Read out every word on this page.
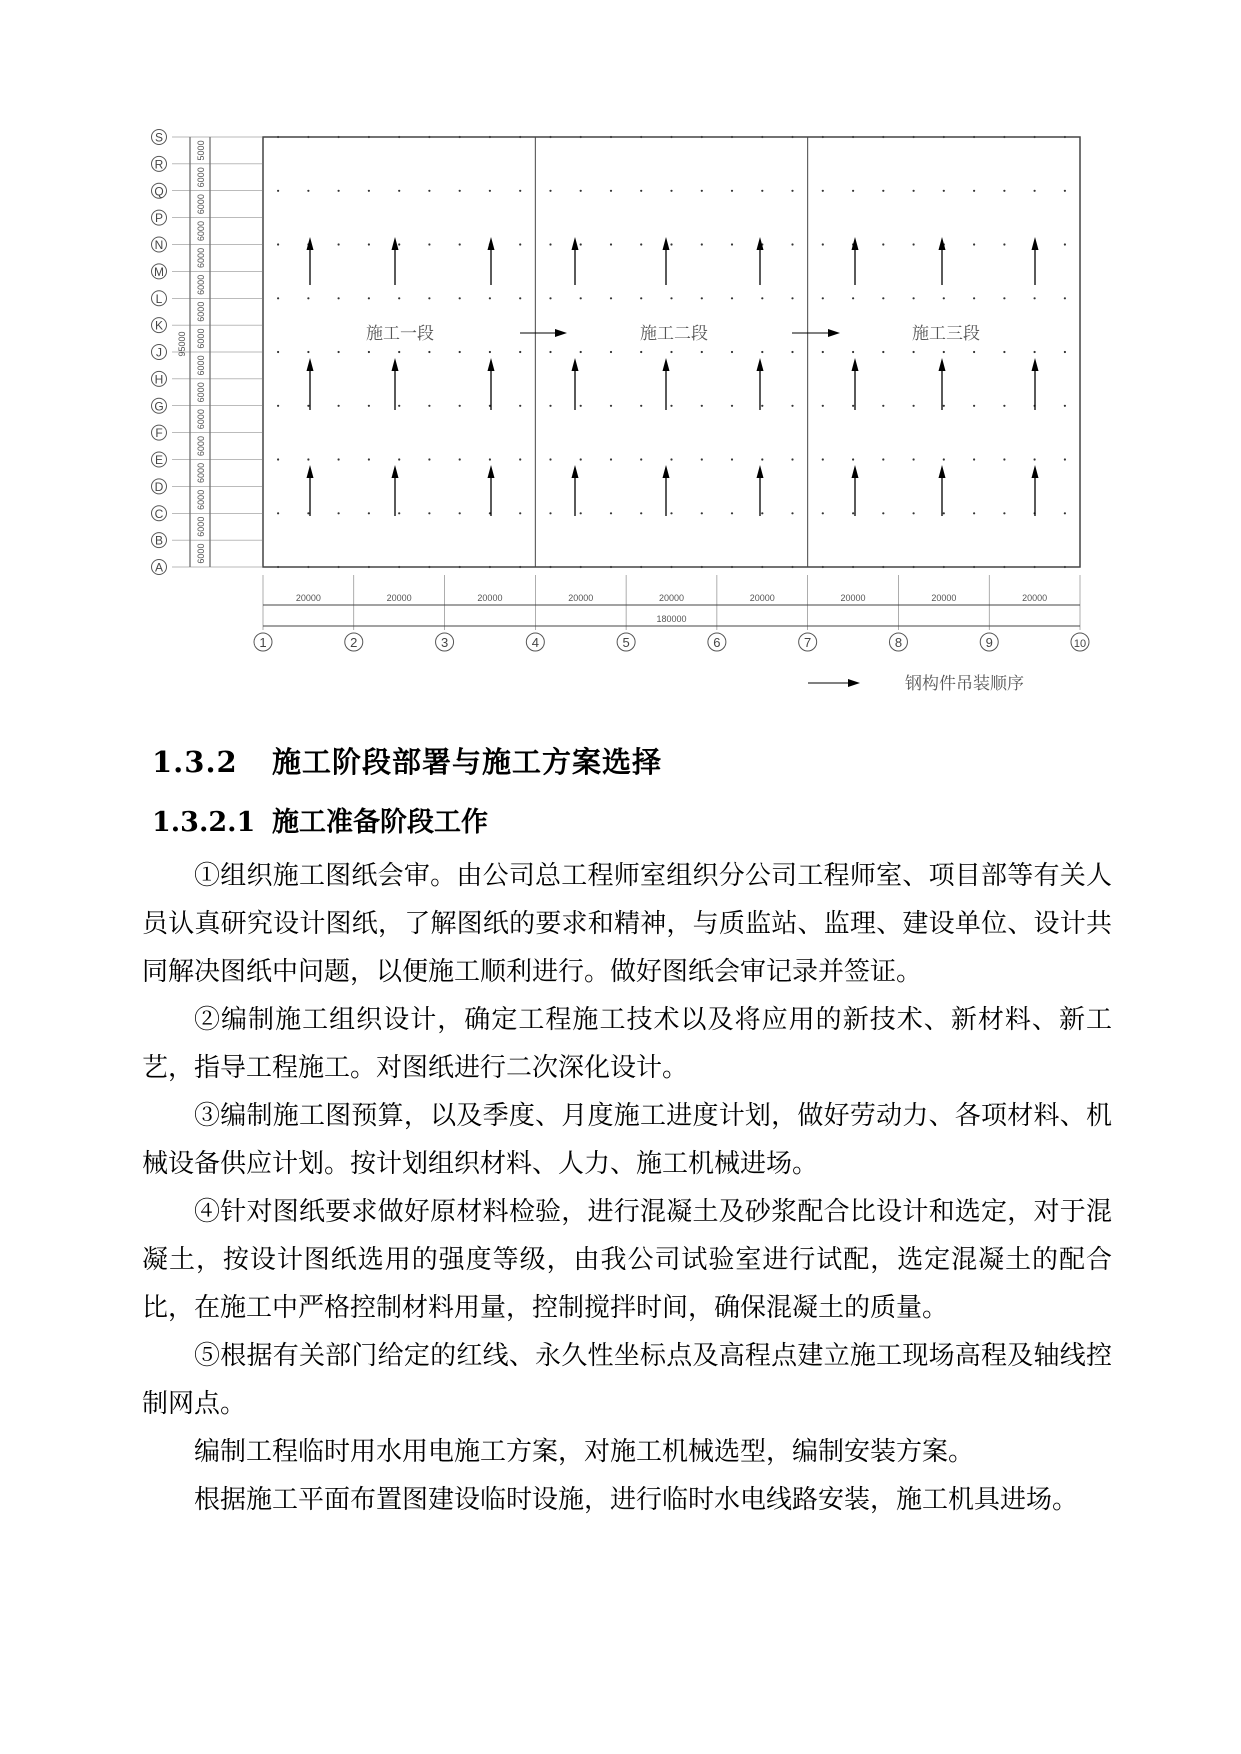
S
R
Q
P
N
M
L
K
J
H
G
F
E
D
C
B
A
5000
6000
6000
6000
6000
6000
6000
6000
6000
6000
6000
6000
6000
6000
6000
6000
95000
20000	20000	20000	20000	20000	20000	20000	20000	20000
180000
1	2	3	4	5	6	7	8	9	10
施工一段	施工二段	施工三段
钢构件吊装顺序
1.3.2 施工阶段部署与施工方案选择
1.3.2.1 施工准备阶段工作

①组织施工图纸会审。由公司总工程师室组织分公司工程师室、项目部等有关人员认真研究设计图纸，了解图纸的要求和精神，与质监站、监理、建设单位、设计共同解决图纸中问题，以便施工顺利进行。做好图纸会审记录并签证。

②编制施工组织设计，确定工程施工技术以及将应用的新技术、新材料、新工艺，指导工程施工。对图纸进行二次深化设计。

③编制施工图预算，以及季度、月度施工进度计划，做好劳动力、各项材料、机械设备供应计划。按计划组织材料、人力、施工机械进场。

④针对图纸要求做好原材料检验，进行混凝土及砂浆配合比设计和选定，对于混凝土，按设计图纸选用的强度等级，由我公司试验室进行试配，选定混凝土的配合比，在施工中严格控制材料用量，控制搅拌时间，确保混凝土的质量。

⑤根据有关部门给定的红线、永久性坐标点及高程点建立施工现场高程及轴线控制网点。

编制工程临时用水用电施工方案，对施工机械选型，编制安装方案。

根据施工平面布置图建设临时设施，进行临时水电线路安装，施工机具进场。
